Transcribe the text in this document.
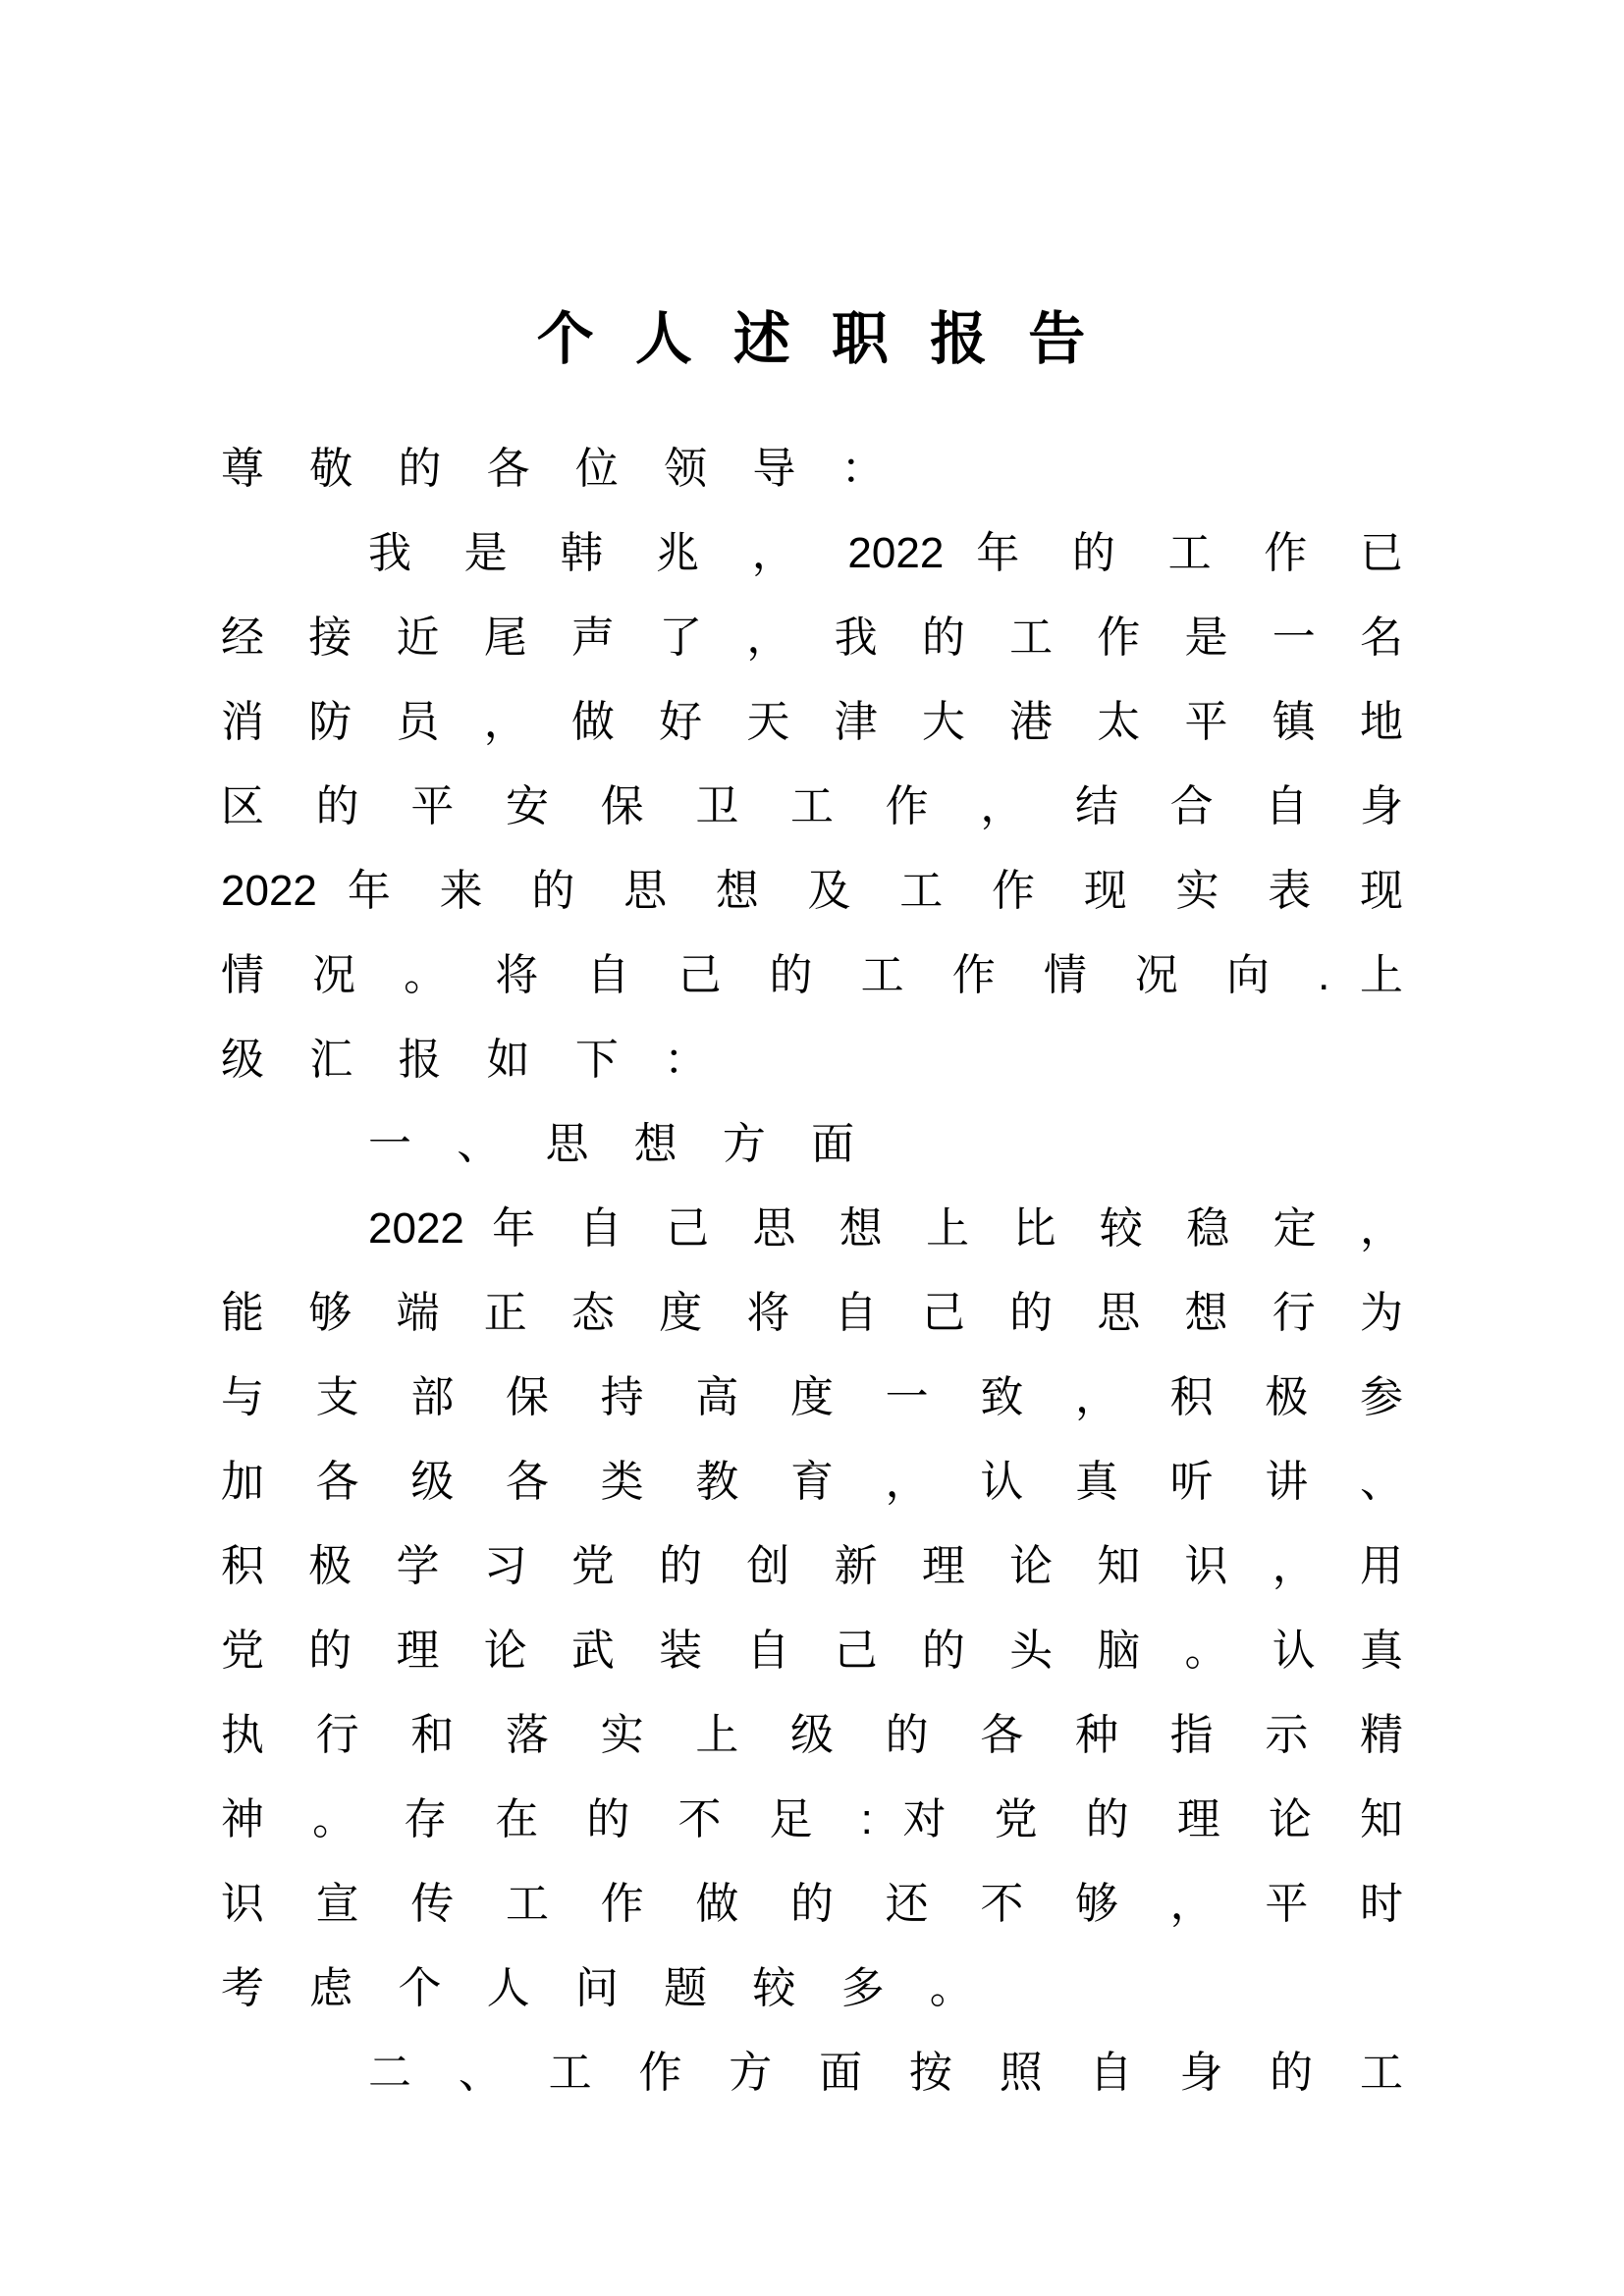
个 人 述 职 报 告
尊 敬 的 各 位 领 导 ：
我 是 韩 兆 ， 2022 年 的 工 作 已
经 接 近 尾 声 了 ， 我 的 工 作 是 一 名
消 防 员 ， 做 好 天 津 大 港 太 平 镇 地
区 的 平 安 保 卫 工 作 ， 结 合 自 身
2022 年 来 的 思 想 及 工 作 现 实 表 现
情 况 。 将 自 己 的 工 作 情 况 向 . 上
级 汇 报 如 下 ：
一 、 思 想 方 面
2022 年 自 己 思 想 上 比 较 稳 定 ，
能 够 端 正 态 度 将 自 己 的 思 想 行 为
与 支 部 保 持 高 度 一 致 ， 积 极 参
加 各 级 各 类 教 育 ， 认 真 听 讲 、
积 极 学 习 党 的 创 新 理 论 知 识 ， 用
党 的 理 论 武 装 自 己 的 头 脑 。 认 真
执 行 和 落 实 上 级 的 各 种 指 示 精
神 。 存 在 的 不 足 : 对 党 的 理 论 知
识 宣 传 工 作 做 的 还 不 够 ， 平 时
考 虑 个 人 问 题 较 多 。
二 、 工 作 方 面 按 照 自 身 的 工
